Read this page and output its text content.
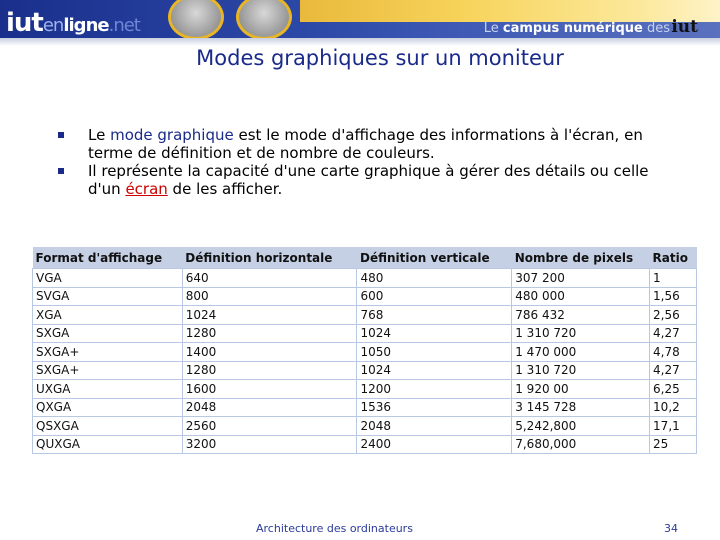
iutenligne.net	Le campus numérique des iut
Modes graphiques sur un moniteur
Le mode graphique est le mode d'affichage des informations à l'écran, en terme de définition et de nombre de couleurs.
Il représente la capacité d'une carte graphique à gérer des détails ou celle d'un écran de les afficher.
Format d'affichage	Définition horizontale	Définition verticale	Nombre de pixels	Ratio
VGA	640	480	307 200	1
SVGA	800	600	480 000	1,56
XGA	1024	768	786 432	2,56
SXGA	1280	1024	1 310 720	4,27
SXGA+	1400	1050	1 470 000	4,78
SXGA+	1280	1024	1 310 720	4,27
UXGA	1600	1200	1 920 00	6,25
QXGA	2048	1536	3 145 728	10,2
QSXGA	2560	2048	5,242,800	17,1
QUXGA	3200	2400	7,680,000	25
Architecture des ordinateurs	34
